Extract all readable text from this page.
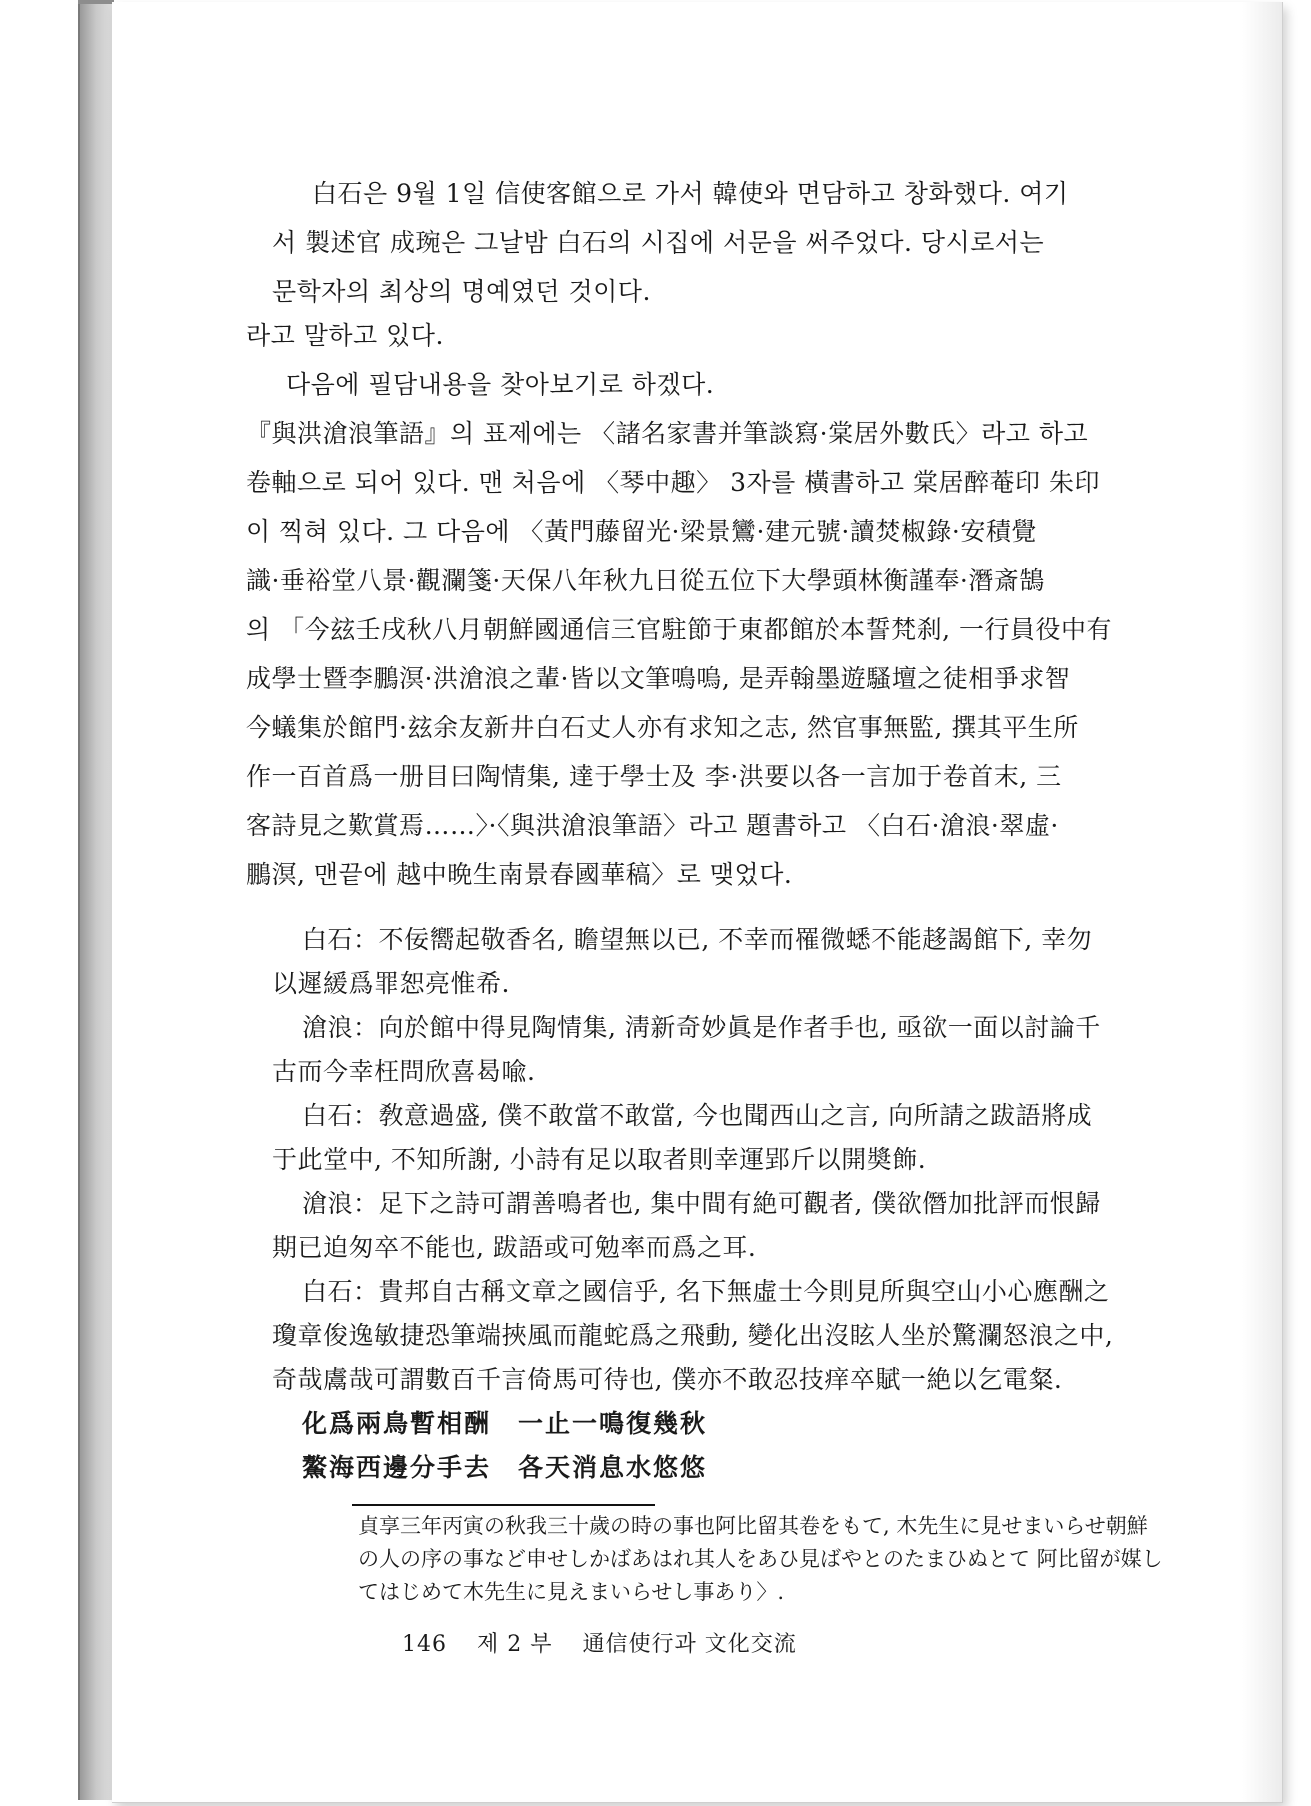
白石은 9월 1일 信使客館으로 가서 韓使와 면담하고 창화했다. 여기
서 製述官 成琬은 그날밤 白石의 시집에 서문을 써주었다. 당시로서는
문학자의 최상의 명예였던 것이다.
라고 말하고 있다.
다음에 필담내용을 찾아보기로 하겠다.
『與洪滄浪筆語』의 표제에는 〈諸名家書并筆談寫·棠居外數氏〉라고 하고
卷軸으로 되어 있다. 맨 처음에 〈琴中趣〉 3자를 橫書하고 棠居醉菴印 朱印
이 찍혀 있다. 그 다음에 〈黃門藤留光·梁景鸞·建元號·讀焚椒錄·安積覺
識·垂裕堂八景·觀瀾箋·天保八年秋九日從五位下大學頭林衡謹奉·潛斎鵠
의 「今玆壬戌秋八月朝鮮國通信三官駐節于東都館於本誓梵刹, 一行員役中有
成學士暨李鵬溟·洪滄浪之輩·皆以文筆鳴嗚, 是弄翰墨遊騷壇之徒相爭求智
今蟻集於館門·玆余友新井白石丈人亦有求知之志, 然官事無監, 撰其平生所
作一百首爲一册目曰陶情集, 達于學士及 李·洪要以各一言加于卷首末, 三
客詩見之歎賞焉……〉·〈與洪滄浪筆語〉라고 題書하고 〈白石·滄浪·翠虛·
鵬溟, 맨끝에 越中晩生南景春國華稿〉로 맺었다.
白石：不佞嚮起敬香名, 瞻望無以已, 不幸而罹微蟋不能趍謁館下, 幸勿
以遲緩爲罪恕亮惟希.
滄浪：向於館中得見陶情集, 淸新奇妙眞是作者手也, 亟欲一面以討論千
古而今幸枉問欣喜曷喩.
白石：敎意過盛, 僕不敢當不敢當, 今也聞西山之言, 向所請之跋語將成
于此堂中, 不知所謝, 小詩有足以取者則幸運郢斤以開奬飾.
滄浪：足下之詩可謂善鳴者也, 集中間有絶可觀者, 僕欲僭加批評而恨歸
期已迫匆卒不能也, 跋語或可勉率而爲之耳.
白石：貴邦自古稱文章之國信乎, 名下無虛士今則見所與空山小心應酬之
瓊章俊逸敏捷恐筆端挾風而龍蛇爲之飛動, 變化出沒眩人坐於驚瀾怒浪之中,
奇哉鬳哉可謂數百千言倚馬可待也, 僕亦不敢忍技痒卒賦一絶以乞電粲.
化爲兩鳥暫相酬　一止一鳴復幾秋
鰲海西邊分手去　各天消息水悠悠
貞享三年丙寅の秋我三十歲の時の事也阿比留其卷をもて, 木先生に見せまいらせ朝鮮
の人の序の事など申せしかばあはれ其人をあひ見ばやとのたまひぬとて 阿比留が媒し
てはじめて木先生に見えまいらせし事あり〉.
146 제 2 부 通信使行과 文化交流
